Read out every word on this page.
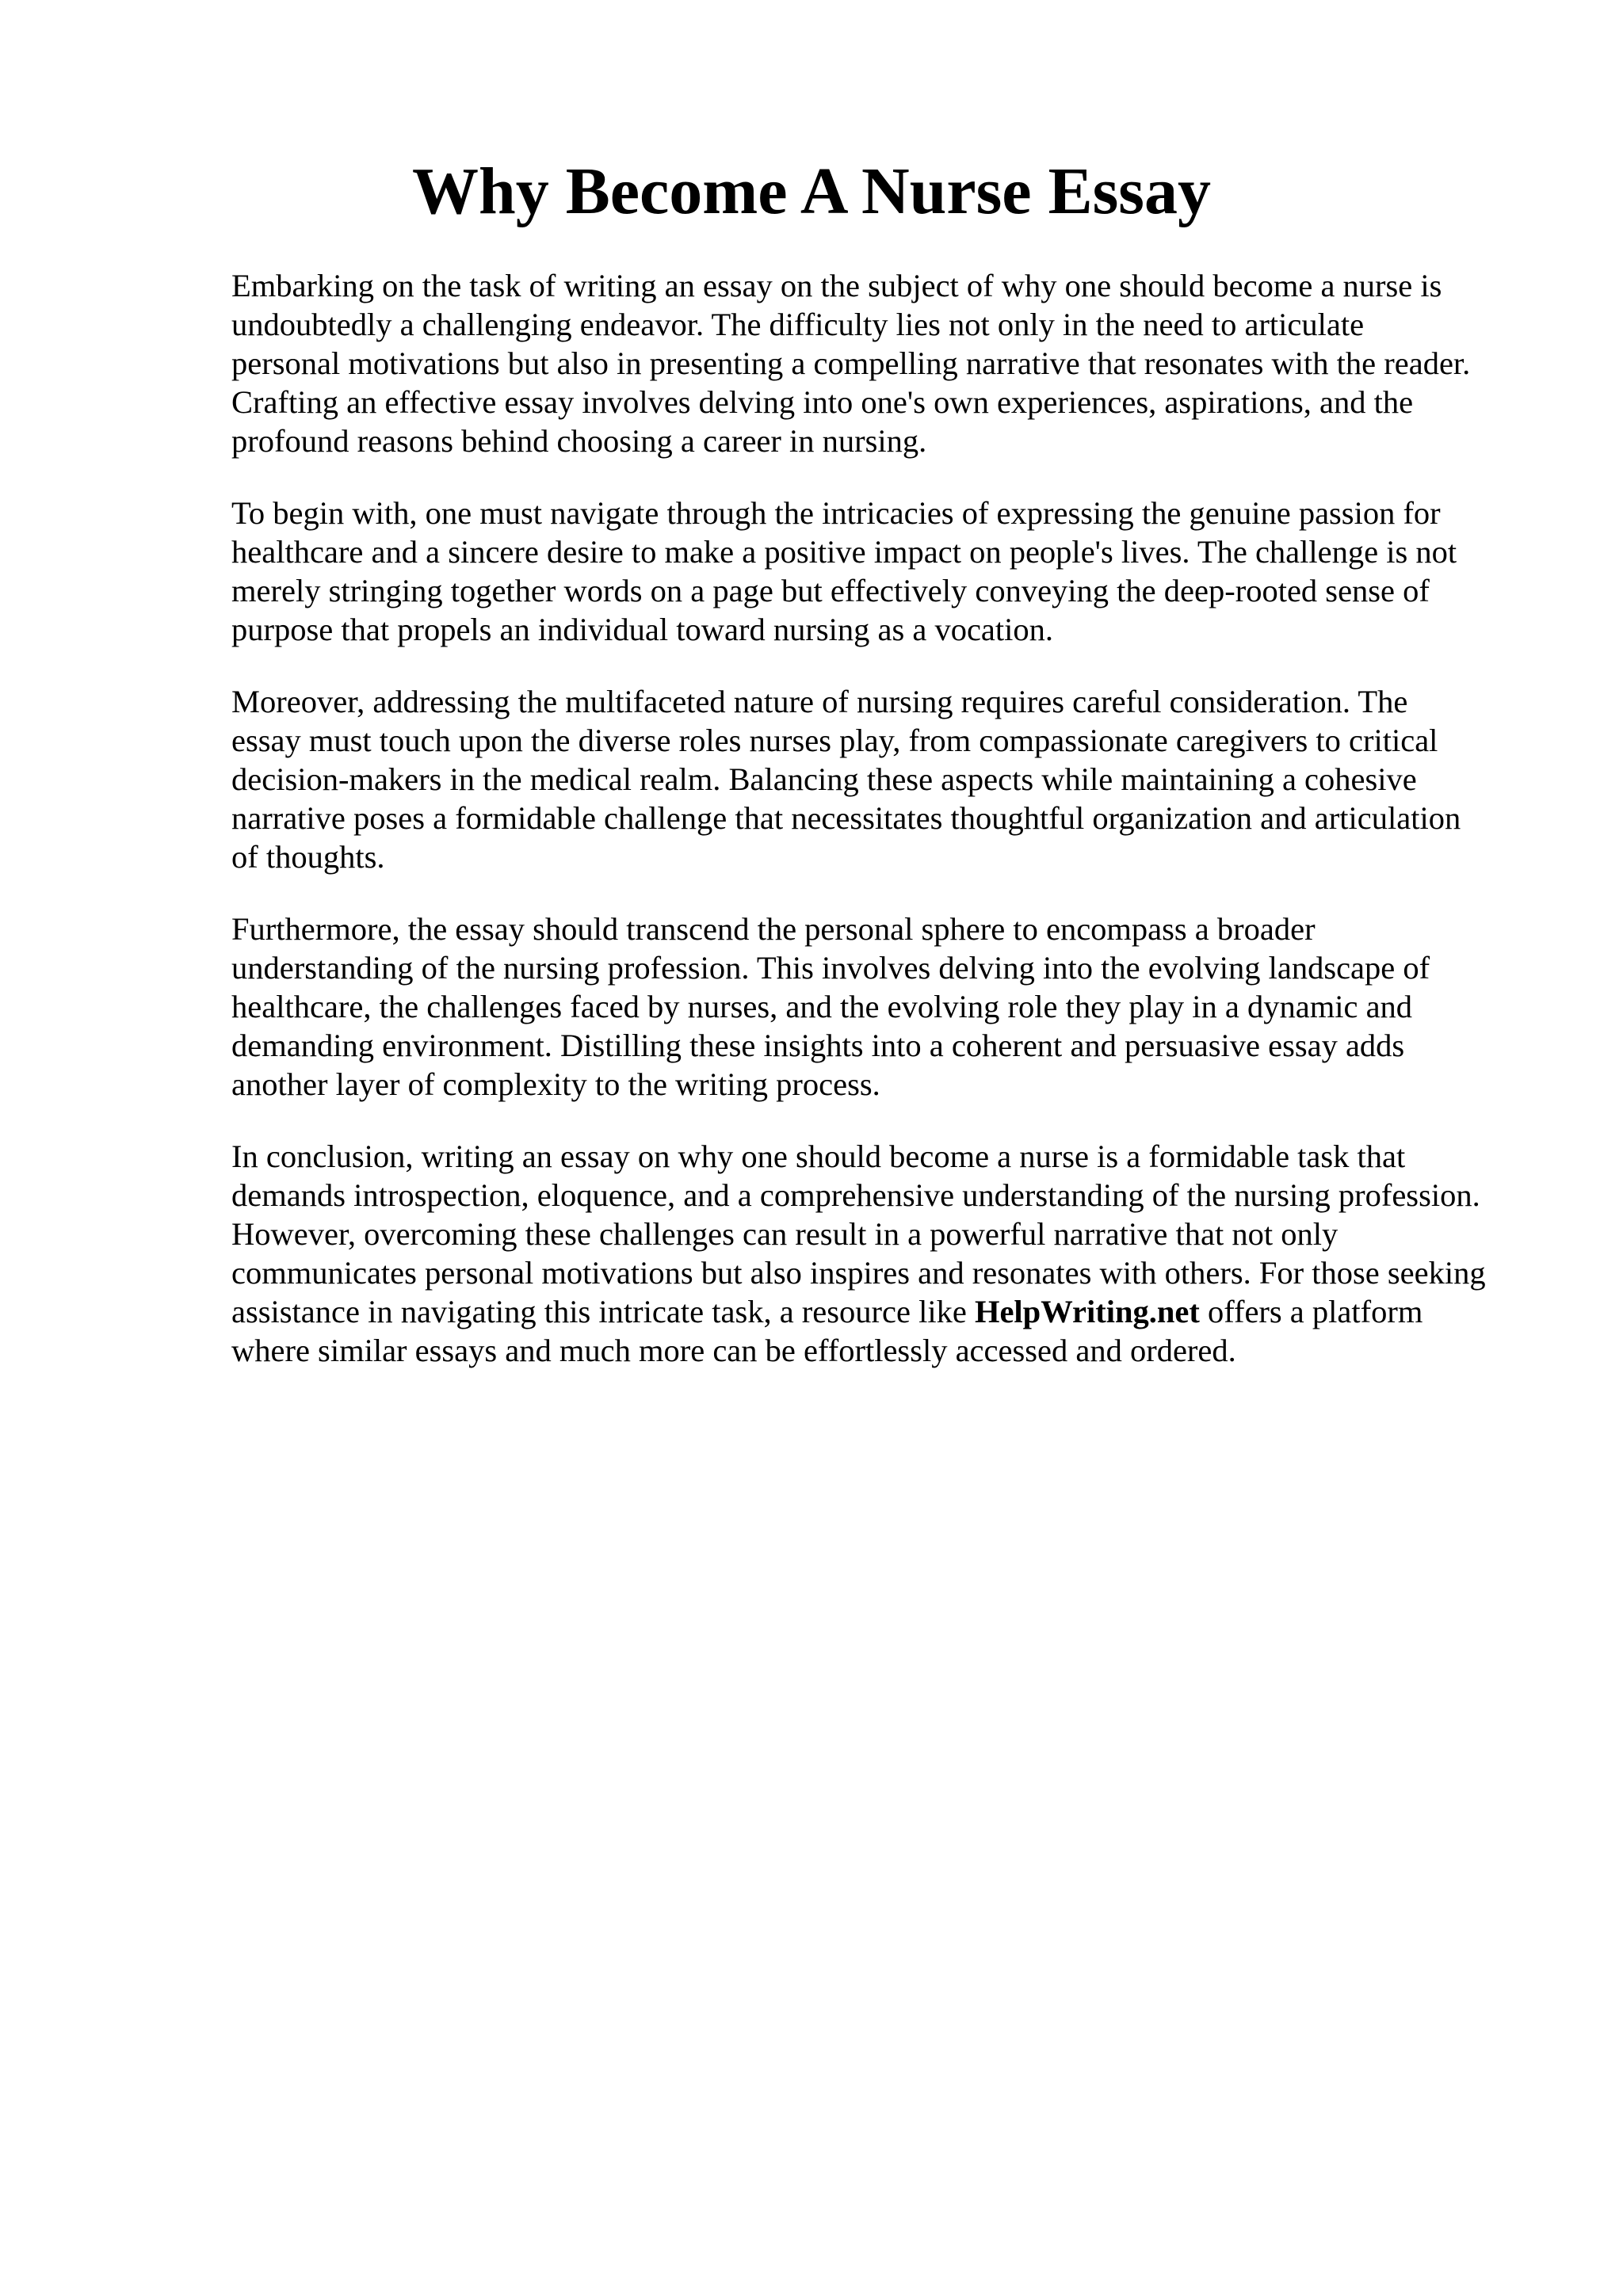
Why Become A Nurse Essay

Embarking on the task of writing an essay on the subject of why one should become a nurse is
undoubtedly a challenging endeavor. The difficulty lies not only in the need to articulate
personal motivations but also in presenting a compelling narrative that resonates with the reader.
Crafting an effective essay involves delving into one's own experiences, aspirations, and the
profound reasons behind choosing a career in nursing.

To begin with, one must navigate through the intricacies of expressing the genuine passion for
healthcare and a sincere desire to make a positive impact on people's lives. The challenge is not
merely stringing together words on a page but effectively conveying the deep-rooted sense of
purpose that propels an individual toward nursing as a vocation.

Moreover, addressing the multifaceted nature of nursing requires careful consideration. The
essay must touch upon the diverse roles nurses play, from compassionate caregivers to critical
decision-makers in the medical realm. Balancing these aspects while maintaining a cohesive
narrative poses a formidable challenge that necessitates thoughtful organization and articulation
of thoughts.

Furthermore, the essay should transcend the personal sphere to encompass a broader
understanding of the nursing profession. This involves delving into the evolving landscape of
healthcare, the challenges faced by nurses, and the evolving role they play in a dynamic and
demanding environment. Distilling these insights into a coherent and persuasive essay adds
another layer of complexity to the writing process.

In conclusion, writing an essay on why one should become a nurse is a formidable task that
demands introspection, eloquence, and a comprehensive understanding of the nursing profession.
However, overcoming these challenges can result in a powerful narrative that not only
communicates personal motivations but also inspires and resonates with others. For those seeking
assistance in navigating this intricate task, a resource like HelpWriting.net offers a platform
where similar essays and much more can be effortlessly accessed and ordered.
